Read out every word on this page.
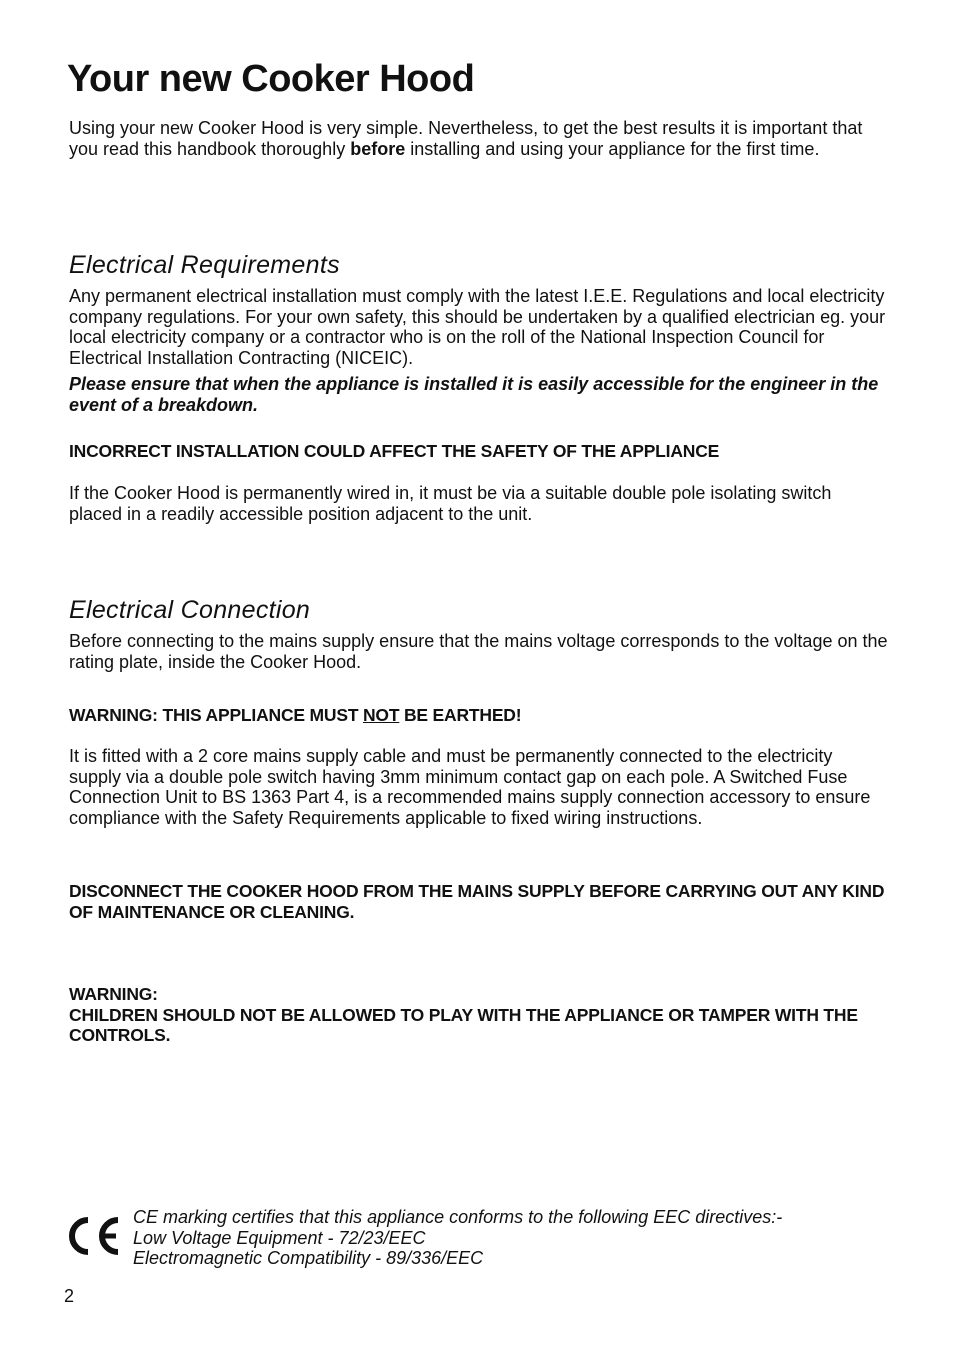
Your new Cooker Hood

Using your new Cooker Hood is very simple. Nevertheless, to get the best results it is important that you read this handbook thoroughly before installing and using your appliance for the first time.

Electrical Requirements

Any permanent electrical installation must comply with the latest I.E.E. Regulations and local electricity company regulations. For your own safety, this should be undertaken by a qualified electrician eg. your local electricity company or a contractor who is on the roll of the National Inspection Council for Electrical Installation Contracting (NICEIC).

Please ensure that when the appliance is installed it is easily accessible for the engineer in the event of a breakdown.

INCORRECT INSTALLATION COULD AFFECT THE SAFETY OF THE APPLIANCE

If the Cooker Hood is permanently wired in, it must be via a suitable double pole isolating switch placed in a readily accessible position adjacent to the unit.

Electrical Connection

Before connecting to the mains supply ensure that the mains voltage corresponds to the voltage on the rating plate, inside the Cooker Hood.

WARNING: THIS APPLIANCE MUST NOT BE EARTHED!

It is fitted with a 2 core mains supply cable and must be permanently connected to the electricity supply via a double pole switch having 3mm minimum contact gap on each pole. A Switched Fuse Connection Unit to BS 1363 Part 4, is a recommended mains supply connection accessory to ensure compliance with the Safety Requirements applicable to fixed wiring instructions.

DISCONNECT THE COOKER HOOD FROM THE MAINS SUPPLY BEFORE CARRYING OUT ANY KIND OF MAINTENANCE OR CLEANING.

WARNING:
CHILDREN SHOULD NOT BE ALLOWED TO PLAY WITH THE APPLIANCE OR TAMPER WITH THE CONTROLS.
CE marking certifies that this appliance conforms to the following EEC directives:-
Low Voltage Equipment - 72/23/EEC
Electromagnetic Compatibility - 89/336/EEC
2
